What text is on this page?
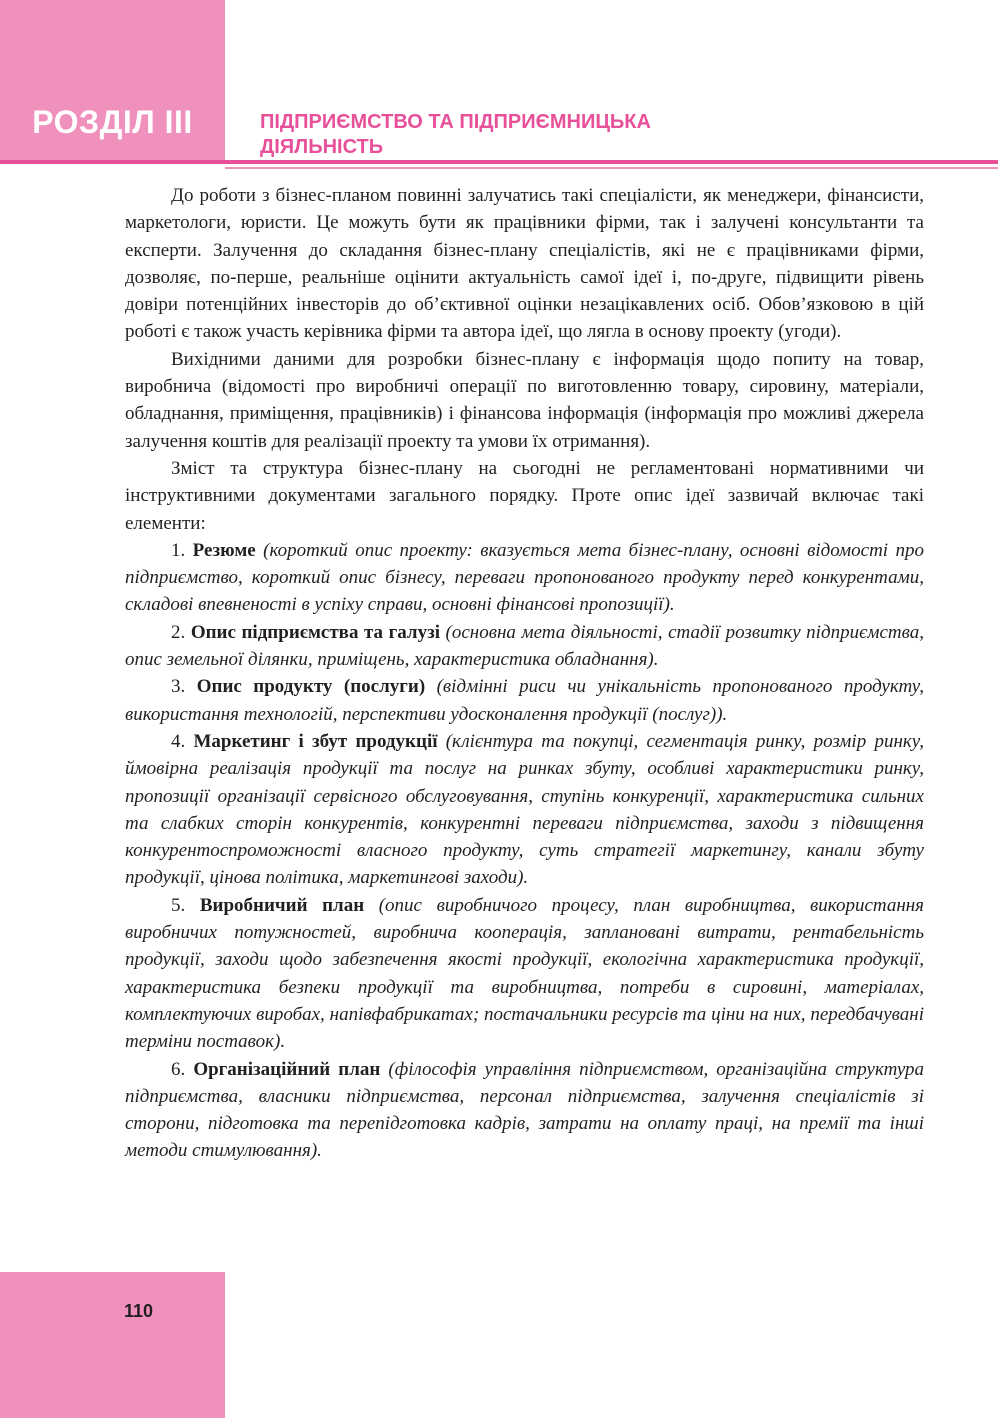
РОЗДІЛ ІІІ	ПІДПРИЄМСТВО ТА ПІДПРИЄМНИЦЬКА
ДІЯЛЬНІСТЬ

До роботи з бізнес-планом повинні залучатись такі спеціалісти, як менеджери, фінансисти, маркетологи, юристи. Це можуть бути як працівники фірми, так і залучені консультанти та експерти. Залучення до складання бізнес-плану спеціалістів, які не є працівниками фірми, дозволяє, по-перше, реальніше оцінити актуальність самої ідеї і, по-друге, підвищити рівень довіри потенційних інвесторів до об’єктивної оцінки незацікавлених осіб. Обов’язковою в цій роботі є також участь керівника фірми та автора ідеї, що лягла в основу проекту (угоди).

Вихідними даними для розробки бізнес-плану є інформація щодо попиту на товар, виробнича (відомості про виробничі операції по виготовленню товару, сировину, матеріали, обладнання, приміщення, працівників) і фінансова інформація (інформація про можливі джерела залучення коштів для реалізації проекту та умови їх отримання).

Зміст та структура бізнес-плану на сьогодні не регламентовані нормативними чи інструктивними документами загального порядку. Проте опис ідеї зазвичай включає такі елементи:

1. Резюме (короткий опис проекту: вказується мета бізнес-плану, основні відомості про підприємство, короткий опис бізнесу, переваги пропонованого продукту перед конкурентами, складові впевненості в успіху справи, основні фінансові пропозиції).

2. Опис підприємства та галузі (основна мета діяльності, стадії розвитку підприємства, опис земельної ділянки, приміщень, характеристика обладнання).

3. Опис продукту (послуги) (відмінні риси чи унікальність пропонованого продукту, використання технологій, перспективи удосконалення продукції (послуг)).

4. Маркетинг і збут продукції (клієнтура та покупці, сегментація ринку, розмір ринку, ймовірна реалізація продукції та послуг на ринках збуту, особливі характеристики ринку, пропозиції організації сервісного обслуговування, ступінь конкуренції, характеристика сильних та слабких сторін конкурентів, конкурентні переваги підприємства, заходи з підвищення конкурентоспроможності власного продукту, суть стратегії маркетингу, канали збуту продукції, цінова політика, маркетингові заходи).

5. Виробничий план (опис виробничого процесу, план виробництва, використання виробничих потужностей, виробнича кооперація, заплановані витрати, рентабельність продукції, заходи щодо забезпечення якості продукції, екологічна характеристика продукції, характеристика безпеки продукції та виробництва, потреби в сировині, матеріалах, комплектуючих виробах, напівфабрикатах; постачальники ресурсів та ціни на них, передбачувані терміни поставок).

6. Організаційний план (філософія управління підприємством, організаційна структура підприємства, власники підприємства, персонал підприємства, залучення спеціалістів зі сторони, підготовка та перепідготовка кадрів, затрати на оплату праці, на премії та інші методи стимулювання).

110
